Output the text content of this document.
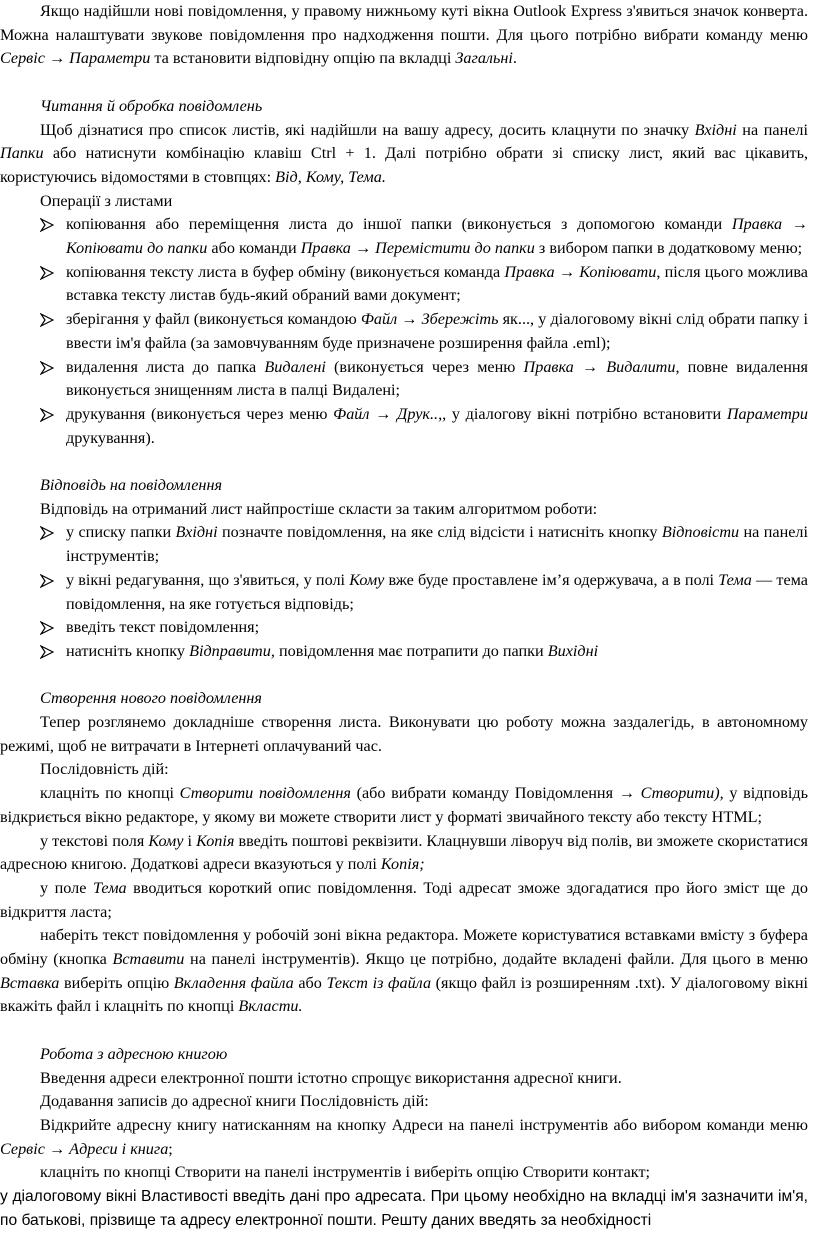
Якщо надійшли нові повідомлення, у правому нижньому куті вікна Outlook Express з'явиться значок конверта. Можна налаштувати звукове повідомлення про надходження пошти. Для цього потрібно вибрати команду меню Сервіс → Параметри та встановити відповідну опцію па вкладці Загальні.

Читання й обробка повідомлень

Щоб дізнатися про список листів, які надійшли на вашу адресу, досить клацнути по значку Вхідні на панелі Папки або натиснути комбінацію клавіш Ctrl + 1. Далі потрібно обрати зі списку лист, який вас цікавить, користуючись відомостями в стовпцях: Від, Кому, Тема.

Операції з листами

копіювання або переміщення листа до іншої папки (виконується з допомогою команди Правка → Копіювати до папки або команди Правка → Перемістити до папки з вибором папки в додатковому меню;
копіювання тексту листа в буфер обміну (виконується команда Правка → Копіювати, після цього можлива вставка тексту листав будь-який обраний вами документ;
зберігання у файл (виконується командою Файл → Збережіть як..., у діалоговому вікні слід обрати папку і ввести ім'я файла (за замовчуванням буде призначене розширення файла .eml);
видалення листа до папка Видалені (виконується через меню Правка → Видалити, повне видалення виконується знищенням листа в палці Видалені;
друкування (виконується через меню Файл → Друк..,, у діалогову вікні потрібно встановити Параметри друкування).

Відповідь на повідомлення

Відповідь на отриманий лист найпростіше скласти за таким алгоритмом роботи:

у списку папки Вхідні позначте повідомлення, на яке слід відсісти і натисніть кнопку Відповісти на панелі інструментів;
у вікні редагування, що з'явиться, у полі Кому вже буде проставлене ім’я одержувача, а в полі Тема — тема повідомлення, на яке готується відповідь;
введіть текст повідомлення;
натисніть кнопку Відправити, повідомлення має потрапити до папки Вихідні

Створення нового повідомлення

Тепер розглянемо докладніше створення листа. Виконувати цю роботу можна заздалегідь, в автономному режимі, щоб не витрачати в Інтернеті оплачуваний час.

Послідовність дій:

клацніть по кнопці Створити повідомлення (або вибрати команду Повідомлення → Створити), у відповідь відкриється вікно редакторе, у якому ви можете створити лист у форматі звичайного тексту або тексту HTML;

у текстові поля Кому і Копія введіть поштові реквізити. Клацнувши ліворуч від полів, ви зможете скористатися адресною книгою. Додаткові адреси вказуються у полі Копія;

у поле Тема вводиться короткий опис повідомлення. Тоді адресат зможе здогадатися про його зміст ще до відкриття ласта;

наберіть текст повідомлення у робочій зоні вікна редактора. Можете користуватися вставками вмісту з буфера обміну (кнопка Вставити на панелі інструментів). Якщо це потрібно, додайте вкладені файли. Для цього в меню Вставка виберіть опцію Вкладення файла або Текст із файла (якщо файл із розширенням .txt). У діалоговому вікні вкажіть файл і клацніть по кнопці Вкласти.

Робота з адресною книгою

Введення адреси електронної пошти істотно спрощує використання адресної книги.

Додавання записів до адресної книги Послідовність дій:

Відкрийте адресну книгу натисканням на кнопку Адреси на панелі інструментів або вибором команди меню Сервіс → Адреси і книга;

клацніть по кнопці Створити на панелі інструментів і виберіть опцію Створити контакт;

у діалоговому вікні Властивості введіть дані про адресата. При цьому необхідно на вкладці ім'я зазначити ім'я, по батькові, прізвище та адресу електронної пошти. Решту даних введять за необхідності
